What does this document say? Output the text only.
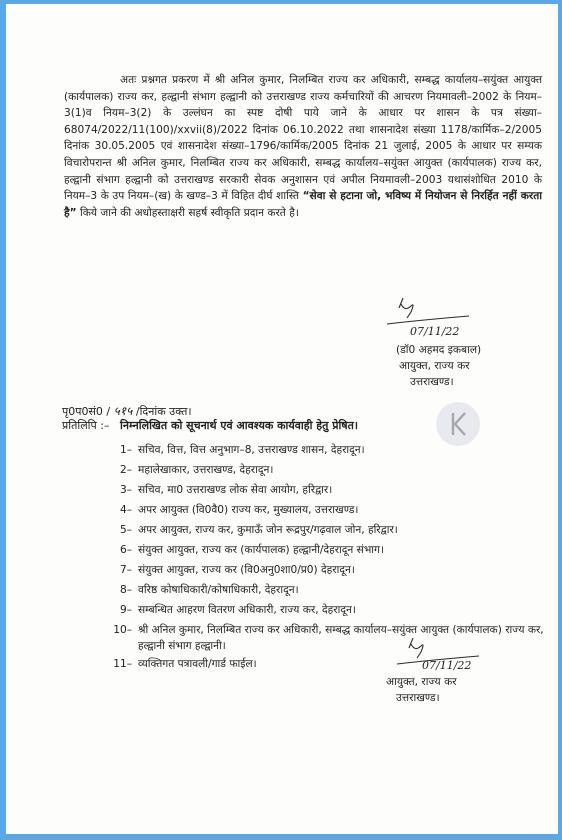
अतः प्रश्नगत प्रकरण में श्री अनिल कुमार, निलम्बित राज्य कर अधिकारी, सम्बद्ध कार्यालय–सयुंक्त आयुक्त (कार्यपालक) राज्य कर, हल्द्वानी संभाग हल्द्वानी को उत्तराखण्ड राज्य कर्मचारियों की आचरण नियमावली–2002 के नियम–3(1)व नियम–3(2) के उल्लंघन का स्पष्ट दोषी पाये जाने के आधार पर शासन के पत्र संख्या–68074/2022/11(100)/xxvii(8)/2022 दिनांक 06.10.2022 तथा शासनादेश संख्या 1178/कार्मिक–2/2005 दिनांक 30.05.2005 एवं शासनादेश संख्या–1796/कार्मिक/2005 दिनांक 21 जुलाई, 2005 के आधार पर सम्यक विचारोपरान्त श्री अनिल कुमार, निलम्बित राज्य कर अधिकारी, सम्बद्ध कार्यालय–सयुंक्त आयुक्त (कार्यपालक) राज्य कर, हल्द्वानी संभाग हल्द्वानी को उत्तराखण्ड सरकारी सेवक अनुशासन एवं अपील नियमावली–2003 यथासंशोधित 2010 के नियम–3 के उप नियम–(ख) के खण्ड–3 में विहित दीर्घ शास्ति “सेवा से हटाना जो, भविष्य में नियोजन से निरर्हित नहीं करता है” किये जाने की अधोहस्ताक्षरी सहर्ष स्वीकृति प्रदान करते है।
07/11/22
(डॉ0 अहमद इकबाल)
आयुक्त, राज्य कर
उत्तराखण्ड।
पृ0प0सं0 / ५१५ /दिनांक उक्त।
प्रतिलिपि :– निम्नलिखित को सूचनार्थ एवं आवश्यक कार्यवाही हेतु प्रेषित।
1– सचिव, वित्त, वित्त अनुभाग–8, उत्तराखण्ड शासन, देहरादून।
2– महालेखाकार, उत्तराखण्ड, देहरादून।
3– सचिव, मा0 उत्तराखण्ड लोक सेवा आयोग, हरिद्वार।
4– अपर आयुक्त (वि0वै0) राज्य कर, मुख्यालय, उत्तराखण्ड।
5– अपर आयुक्त, राज्य कर, कुमाऊँ जोन रूद्रपुर/गढ़वाल जोन, हरिद्वार।
6– संयुक्त आयुक्त, राज्य कर (कार्यपालक) हल्द्वानी/देहरादून संभाग।
7– संयुक्त आयुक्त, राज्य कर (वि0अनु0शा0/प्र0) देहरादून।
8– वरिष्ठ कोषाधिकारी/कोषाधिकारी, देहरादून।
9– सम्बन्धित आहरण वितरण अधिकारी, राज्य कर, देहरादून।
10– श्री अनिल कुमार, निलम्बित राज्य कर अधिकारी, सम्बद्ध कार्यालय–सयुंक्त आयुक्त (कार्यपालक) राज्य कर, हल्द्वानी संभाग हल्द्वानी।
11– व्यक्तिगत पत्रावली/गार्ड फाईल।	07/11/22
आयुक्त, राज्य कर
उत्तराखण्ड।
